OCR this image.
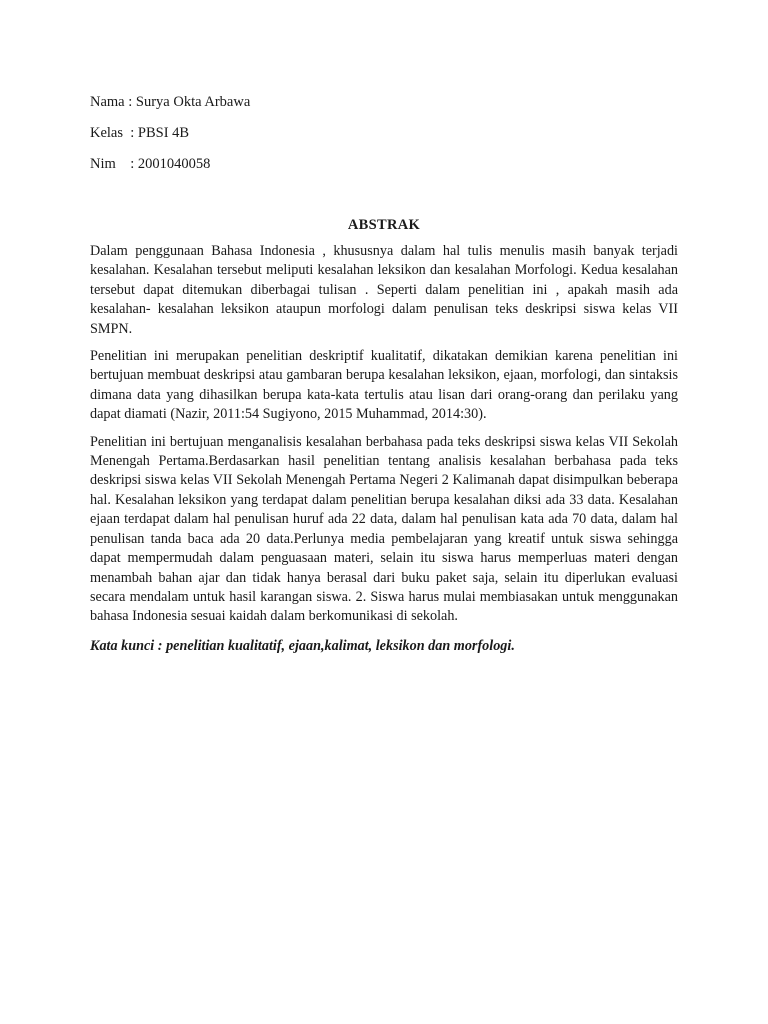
Nama : Surya Okta Arbawa
Kelas  : PBSI 4B
Nim    : 2001040058
ABSTRAK

Dalam penggunaan Bahasa Indonesia , khususnya dalam hal tulis menulis masih banyak terjadi kesalahan. Kesalahan tersebut meliputi kesalahan leksikon dan kesalahan Morfologi. Kedua kesalahan tersebut dapat ditemukan diberbagai tulisan . Seperti dalam penelitian ini , apakah masih ada kesalahan- kesalahan leksikon ataupun morfologi dalam penulisan teks deskripsi siswa kelas VII SMPN.

Penelitian ini merupakan penelitian deskriptif kualitatif, dikatakan demikian karena penelitian ini bertujuan membuat deskripsi atau gambaran berupa kesalahan leksikon, ejaan, morfologi, dan sintaksis dimana data yang dihasilkan berupa kata-kata tertulis atau lisan dari orang-orang dan perilaku yang dapat diamati (Nazir, 2011:54 Sugiyono, 2015 Muhammad, 2014:30).

Penelitian ini bertujuan menganalisis kesalahan berbahasa pada teks deskripsi siswa kelas VII Sekolah Menengah Pertama.Berdasarkan hasil penelitian tentang analisis kesalahan berbahasa pada teks deskripsi siswa kelas VII Sekolah Menengah Pertama Negeri 2 Kalimanah dapat disimpulkan beberapa hal. Kesalahan leksikon yang terdapat dalam penelitian berupa kesalahan diksi ada 33 data. Kesalahan ejaan terdapat dalam hal penulisan huruf ada 22 data, dalam hal penulisan kata ada 70 data, dalam hal penulisan tanda baca ada 20 data.Perlunya media pembelajaran yang kreatif untuk siswa sehingga dapat mempermudah dalam penguasaan materi, selain itu siswa harus memperluas materi dengan menambah bahan ajar dan tidak hanya berasal dari buku paket saja, selain itu diperlukan evaluasi secara mendalam untuk hasil karangan siswa. 2. Siswa harus mulai membiasakan untuk menggunakan bahasa Indonesia sesuai kaidah dalam berkomunikasi di sekolah.

Kata kunci : penelitian kualitatif, ejaan,kalimat, leksikon dan morfologi.
